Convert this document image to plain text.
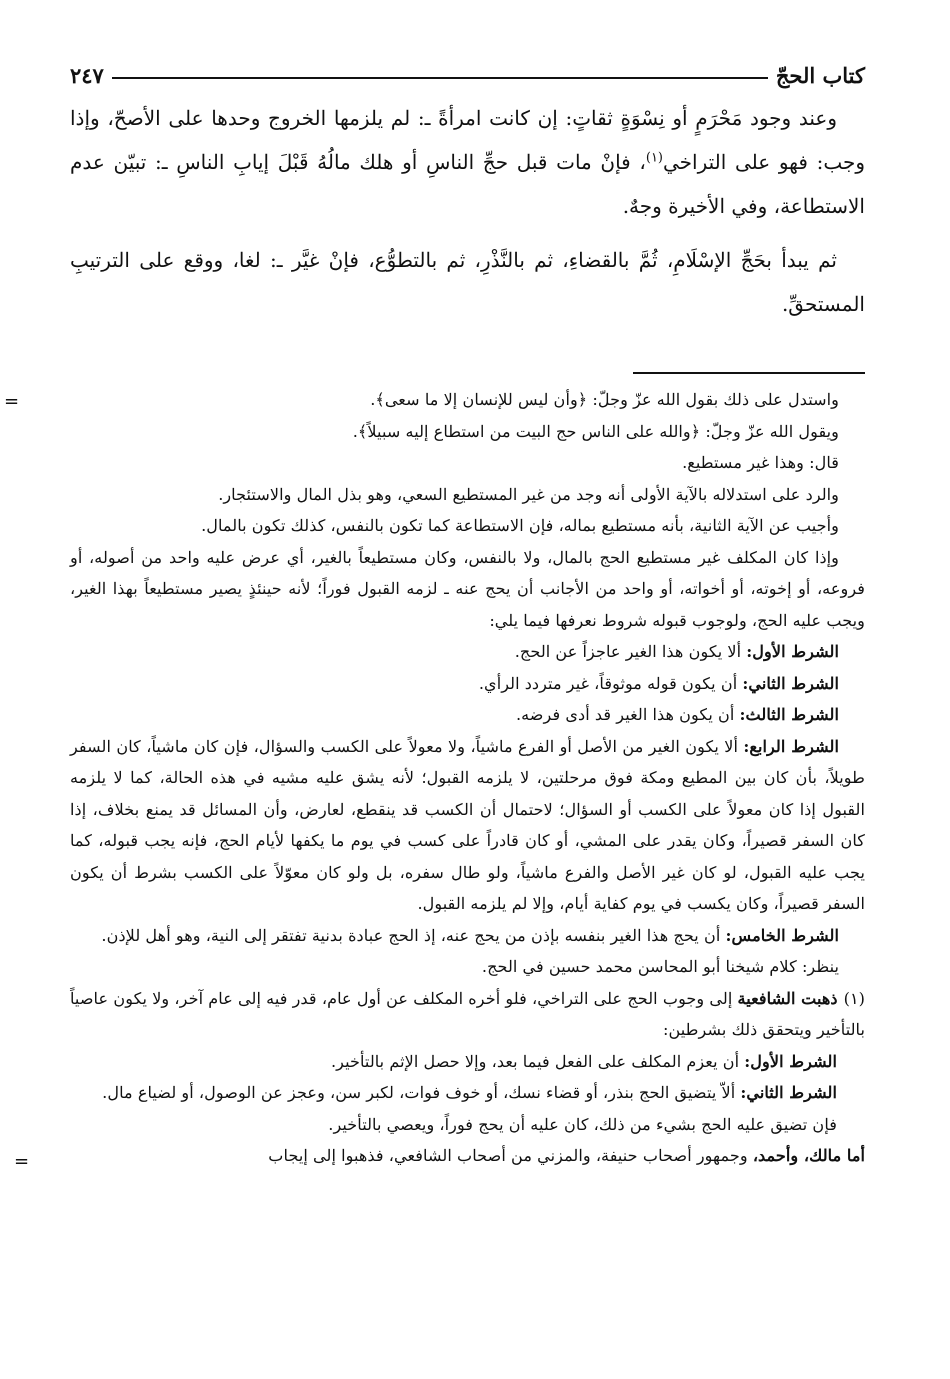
كتاب الحجّ
٢٤٧

وعند وجود مَحْرَمٍ أو نِسْوَةٍ ثقاتٍ: إن كانت امرأةً ـ: لم يلزمها الخروج وحدها على الأصحّ، وإذا وجب: فهو على التراخي$^{(١)}$، فإنْ مات قبل حجِّ الناسِ أو هلك مالُهُ قَبْلَ إيابِ الناسِ ـ: تبيّن عدم الاستطاعة، وفي الأخيرة وجهٌ.

ثم يبدأ بحَجِّ الإسْلَامِ، ثُمَّ بالقضاءِ، ثم بالنَّذْرِ، ثم بالتطوُّع، فإنْ غيَّر ـ: لغا، ووقع على الترتيبِ المستحقِّ.

=	واستدل على ذلك بقول الله عزّ وجلّ: ﴿وأن ليس للإنسان إلا ما سعى﴾.

ويقول الله عزّ وجلّ: ﴿والله على الناس حج البيت من استطاع إليه سبيلاً﴾.

قال: وهذا غير مستطيع.

والرد على استدلاله بالآية الأولى أنه وجد من غير المستطيع السعي، وهو بذل المال والاستئجار.

وأجيب عن الآية الثانية، بأنه مستطيع بماله، فإن الاستطاعة كما تكون بالنفس، كذلك تكون بالمال.

وإذا كان المكلف غير مستطيع الحج بالمال، ولا بالنفس، وكان مستطيعاً بالغير، أي عرض عليه واحد من أصوله، أو فروعه، أو إخوته، أو أخواته، أو واحد من الأجانب أن يحج عنه ـ لزمه القبول فوراً؛ لأنه حينئذٍ يصير مستطيعاً بهذا الغير، ويجب عليه الحج، ولوجوب قبوله شروط نعرفها فيما يلي:

الشرط الأول: ألا يكون هذا الغير عاجزاً عن الحج.

الشرط الثاني: أن يكون قوله موثوقاً، غير متردد الرأي.

الشرط الثالث: أن يكون هذا الغير قد أدى فرضه.

الشرط الرابع: ألا يكون الغير من الأصل أو الفرع ماشياً، ولا معولاً على الكسب والسؤال، فإن كان ماشياً، كان السفر طويلاً، بأن كان بين المطيع ومكة فوق مرحلتين، لا يلزمه القبول؛ لأنه يشق عليه مشيه في هذه الحالة، كما لا يلزمه القبول إذا كان معولاً على الكسب أو السؤال؛ لاحتمال أن الكسب قد ينقطع، لعارض، وأن المسائل قد يمنع بخلاف، إذا كان السفر قصيراً، وكان يقدر على المشي، أو كان قادراً على كسب في يوم ما يكفها لأيام الحج، فإنه يجب قبوله، كما يجب عليه القبول، لو كان غير الأصل والفرع ماشياً، ولو طال سفره، بل ولو كان معوّلاً على الكسب بشرط أن يكون السفر قصيراً، وكان يكسب في يوم كفاية أيام، وإلا لم يلزمه القبول.

الشرط الخامس: أن يحج هذا الغير بنفسه بإذن من يحج عنه، إذ الحج عبادة بدنية تفتقر إلى النية، وهو أهل للإذن.

ينظر: كلام شيخنا أبو المحاسن محمد حسين في الحج.

(١)ذهبت الشافعية إلى وجوب الحج على التراخي، فلو أخره المكلف عن أول عام، قدر فيه إلى عام آخر، ولا يكون عاصياً بالتأخير ويتحقق ذلك بشرطين:

الشرط الأول: أن يعزم المكلف على الفعل فيما بعد، وإلا حصل الإثم بالتأخير.

الشرط الثاني: ألاّ يتضيق الحج بنذر، أو قضاء نسك، أو خوف فوات، لكبر سن، وعجز عن الوصول، أو لضياع مال.

فإن تضيق عليه الحج بشيء من ذلك، كان عليه أن يحج فوراً، ويعصي بالتأخير.

أما مالك، وأحمد، وجمهور أصحاب حنيفة، والمزني من أصحاب الشافعي، فذهبوا إلى إيجاب

=
